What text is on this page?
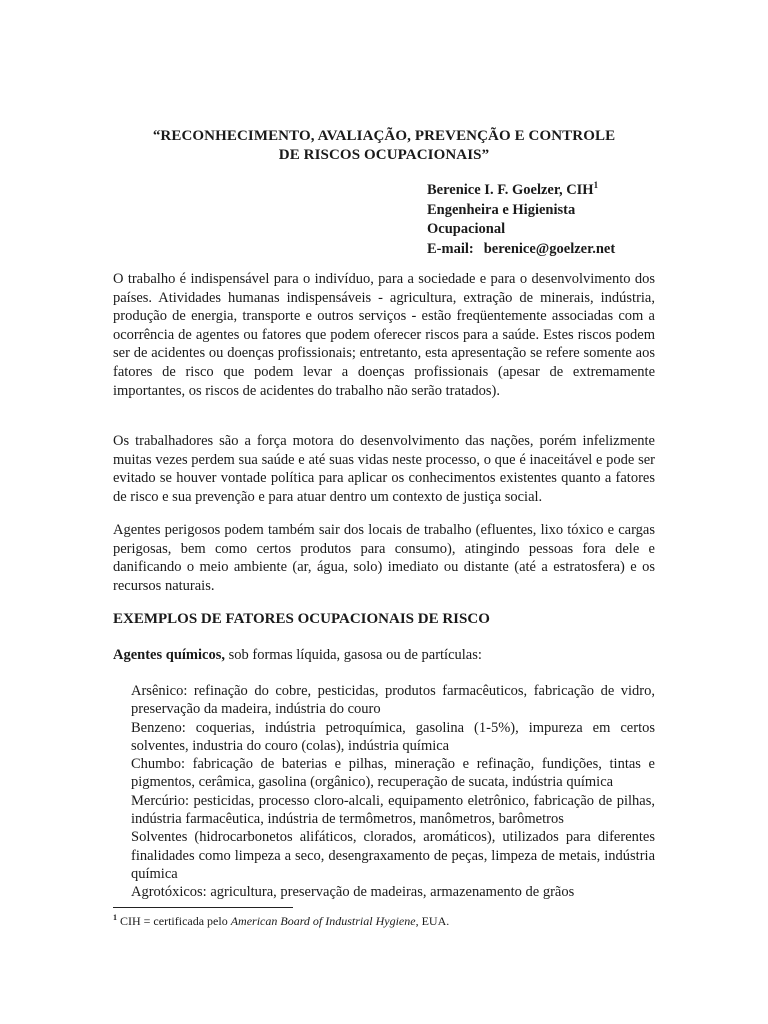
“RECONHECIMENTO, AVALIAÇÃO, PREVENÇÃO E CONTROLE
DE RISCOS OCUPACIONAIS”
Berenice I. F. Goelzer, CIH$^1$
Engenheira e Higienista
Ocupacional
E-mail: berenice@goelzer.net

O trabalho é indispensável para o indivíduo, para a sociedade e para o desenvolvimento dos países. Atividades humanas indispensáveis - agricultura, extração de minerais, indústria, produção de energia, transporte e outros serviços - estão freqüentemente associadas com a ocorrência de agentes ou fatores que podem oferecer riscos para a saúde. Estes riscos podem ser de acidentes ou doenças profissionais; entretanto, esta apresentação se refere somente aos fatores de risco que podem levar a doenças profissionais (apesar de extremamente importantes, os riscos de acidentes do trabalho não serão tratados).

Os trabalhadores são a força motora do desenvolvimento das nações, porém infelizmente muitas vezes perdem sua saúde e até suas vidas neste processo, o que é inaceitável e pode ser evitado se houver vontade política para aplicar os conhecimentos existentes quanto a fatores de risco e sua prevenção e para atuar dentro um contexto de justiça social.

Agentes perigosos podem também sair dos locais de trabalho (efluentes, lixo tóxico e cargas perigosas, bem como certos produtos para consumo), atingindo pessoas fora dele e danificando o meio ambiente (ar, água, solo) imediato ou distante (até a estratosfera) e os recursos naturais.

EXEMPLOS DE FATORES OCUPACIONAIS DE RISCO
Agentes químicos, sob formas líquida, gasosa ou de partículas:

Arsênico: refinação do cobre, pesticidas, produtos farmacêuticos, fabricação de vidro, preservação da madeira, indústria do couro

Benzeno: coquerias, indústria petroquímica, gasolina (1-5%), impureza em certos solventes, industria do couro (colas), indústria química

Chumbo: fabricação de baterias e pilhas, mineração e refinação, fundições, tintas e pigmentos, cerâmica, gasolina (orgânico), recuperação de sucata, indústria química

Mercúrio: pesticidas, processo cloro-alcali, equipamento eletrônico, fabricação de pilhas, indústria farmacêutica, indústria de termômetros, manômetros, barômetros

Solventes (hidrocarbonetos alifáticos, clorados, aromáticos), utilizados para diferentes finalidades como limpeza a seco, desengraxamento de peças, limpeza de metais, indústria química

Agrotóxicos: agricultura, preservação de madeiras, armazenamento de grãos

$^1$ CIH = certificada pelo American Board of Industrial Hygiene, EUA.
